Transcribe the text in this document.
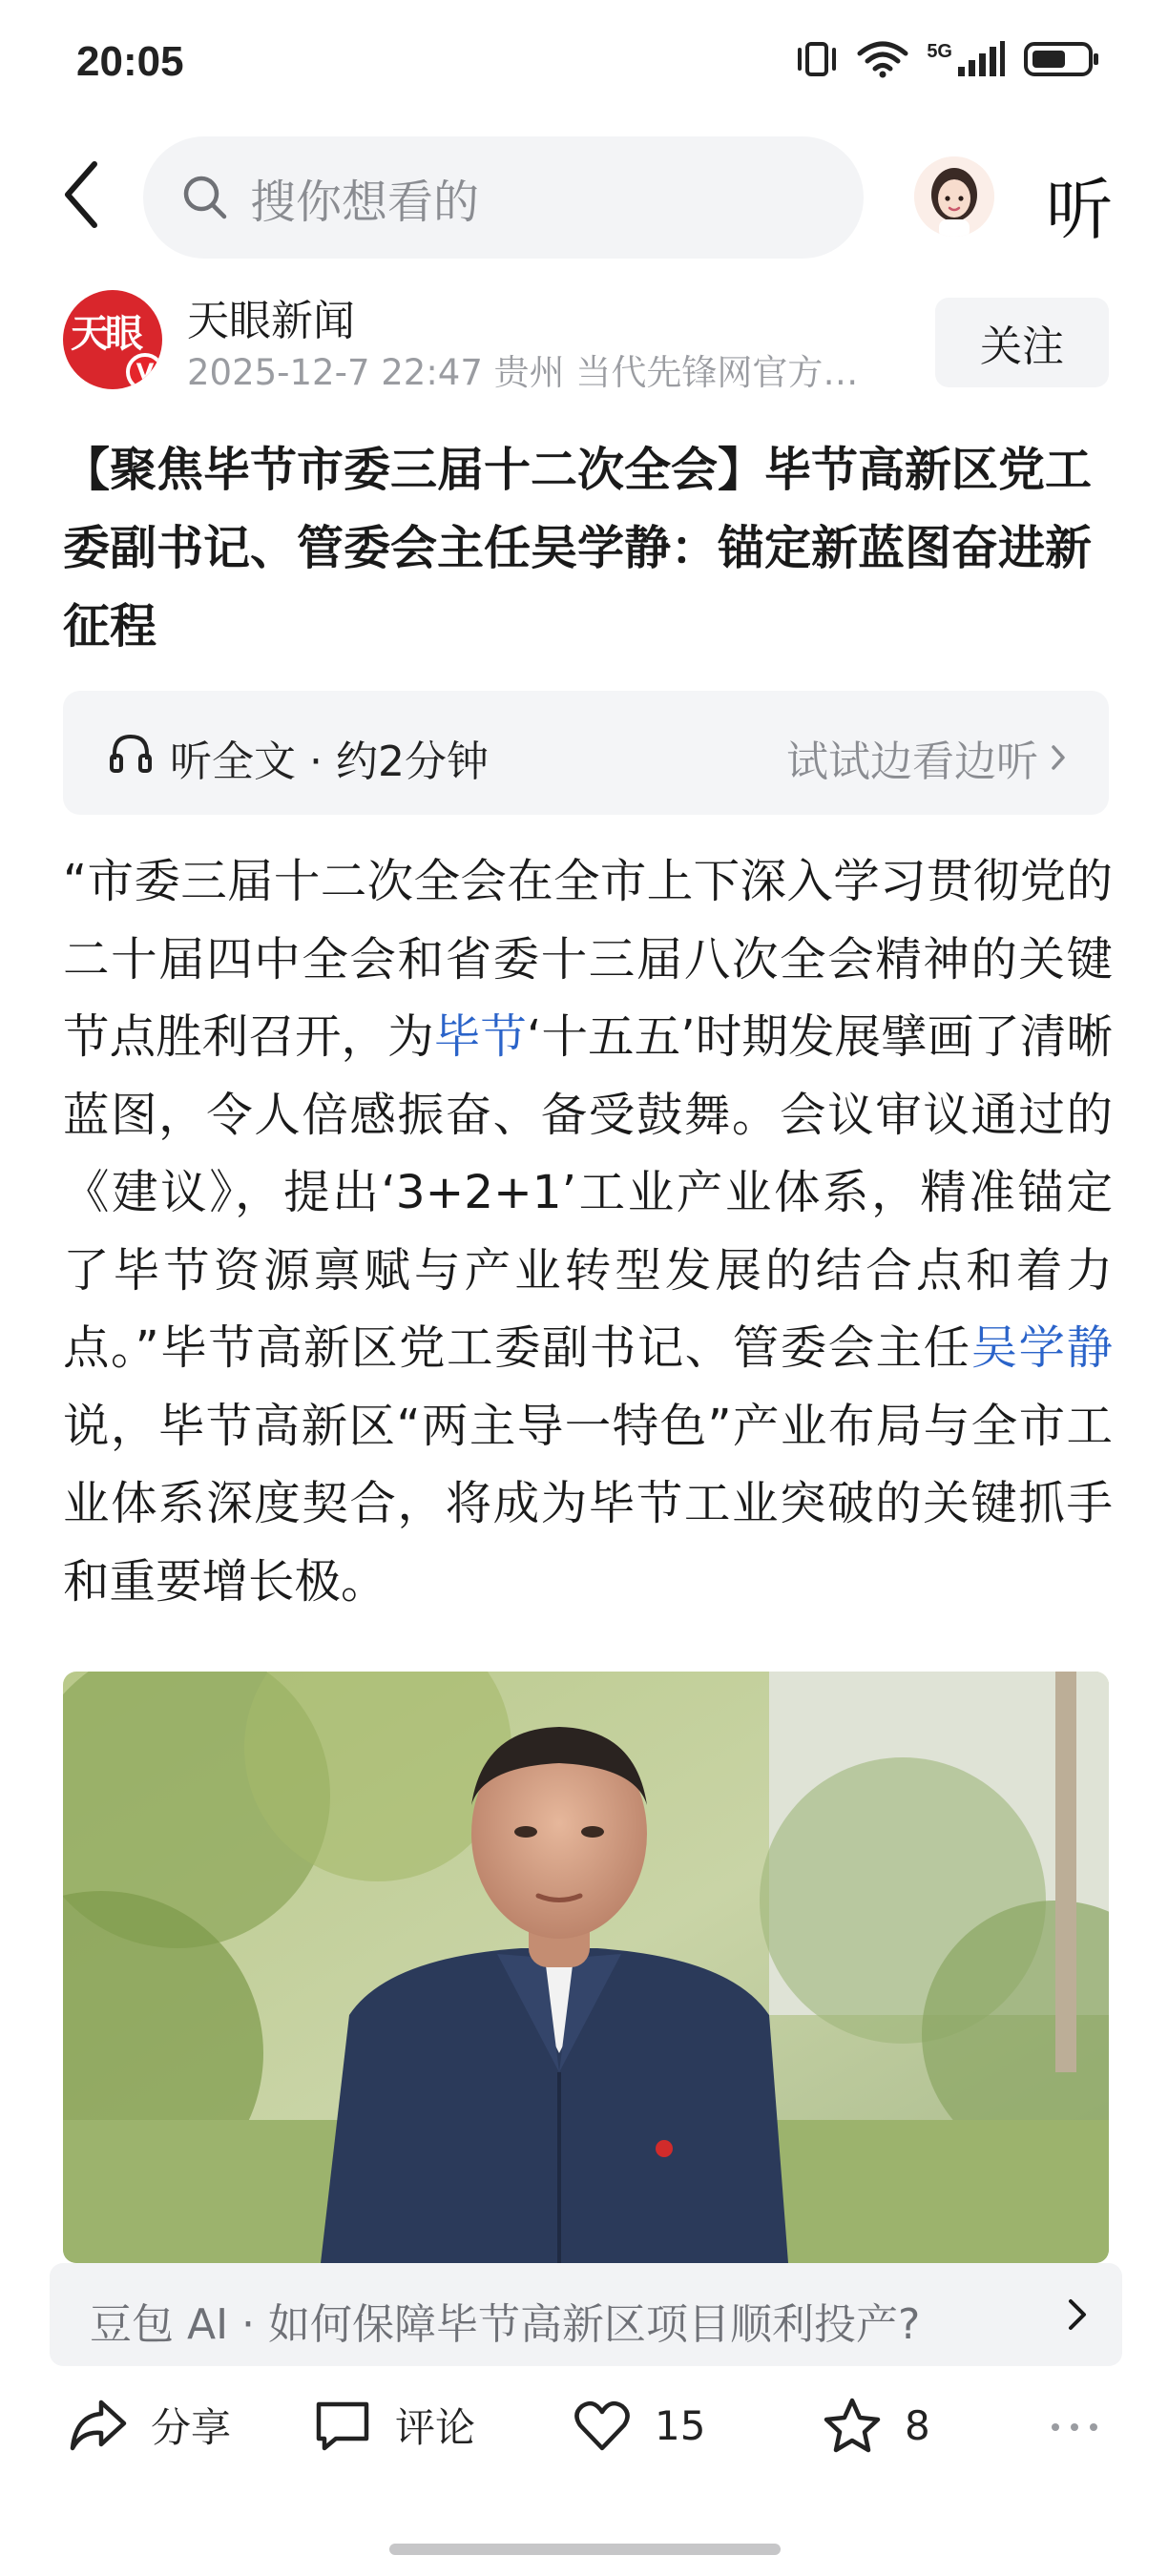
20:05	5G
搜你想看的	听
天眼
V
天眼新闻
2025-12-7 22:47 贵州 当代先锋网官方账号
关注
【聚焦毕节市委三届十二次全会】毕节高新区党工委副书记、管委会主任吴学静：锚定新蓝图奋进新征程
听全文 · 约2分钟	试试边看边听

“市委三届十二次全会在全市上下深入学习贯彻党的二十届四中全会和省委十三届八次全会精神的关键节点胜利召开，为毕节‘十五五’时期发展擘画了清晰蓝图，令人倍感振奋、备受鼓舞。会议审议通过的《建议》，提出‘3+2+1’工业产业体系，精准锚定了毕节资源禀赋与产业转型发展的结合点和着力点。”毕节高新区党工委副书记、管委会主任吴学静说，毕节高新区“两主导一特色”产业布局与全市工业体系深度契合，将成为毕节工业突破的关键抓手和重要增长极。

豆包 AI · 如何保障毕节高新区项目顺利投产?
分享	评论	15	8
